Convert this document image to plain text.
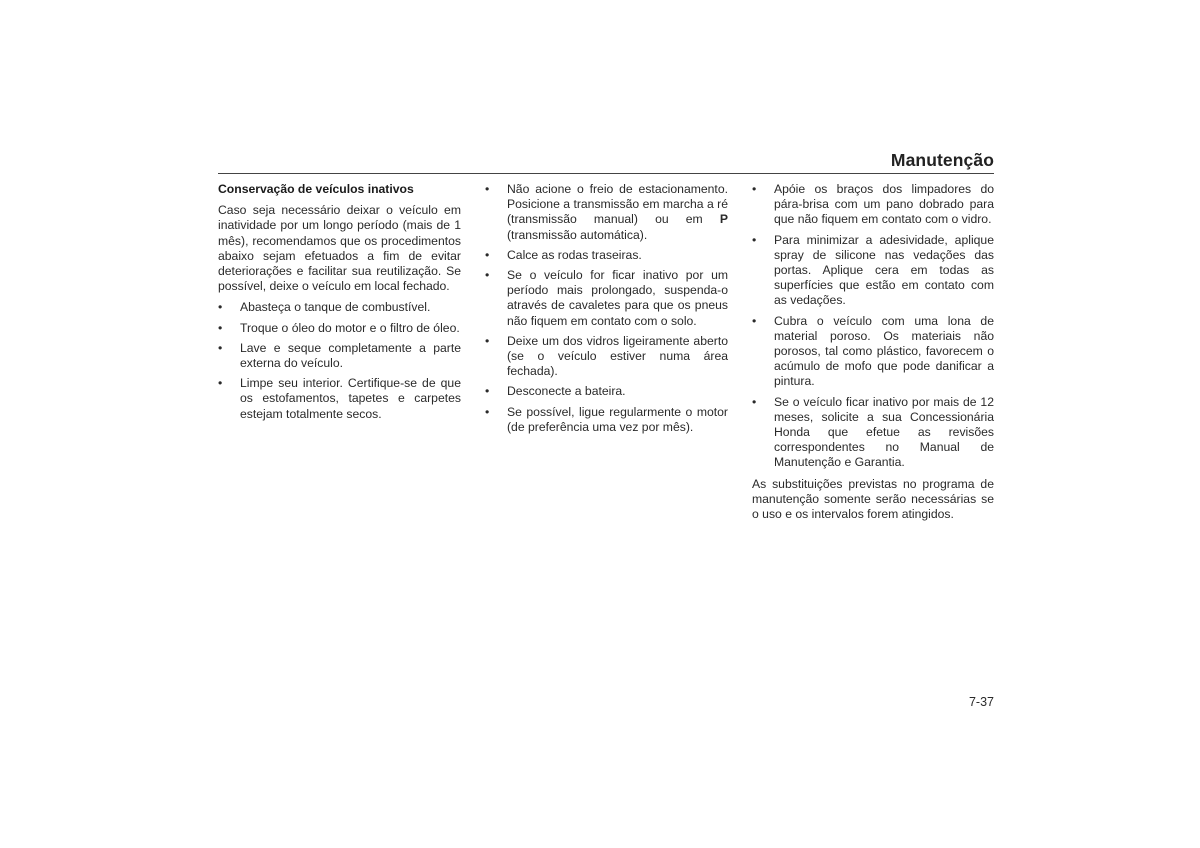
Manutenção

Conservação de veículos inativos

Caso seja necessário deixar o veículo em inatividade por um longo período (mais de 1 mês), recomendamos que os procedimentos abaixo sejam efetuados a fim de evitar deteriorações e facilitar sua reutilização. Se possível, deixe o veículo em local fechado.

•	Abasteça o tanque de combustível.
•	Troque o óleo do motor e o filtro de óleo.
•	Lave e seque completamente a parte externa do veículo.
•	Limpe seu interior. Certifique-se de que os estofamentos, tapetes e carpetes estejam totalmente secos.
•	Não acione o freio de estacionamento. Posicione a transmissão em marcha a ré (transmissão manual) ou em P (transmissão automática).
•	Calce as rodas traseiras.
•	Se o veículo for ficar inativo por um período mais prolongado, suspenda-o através de cavaletes para que os pneus não fiquem em contato com o solo.
•	Deixe um dos vidros ligeiramente aberto (se o veículo estiver numa área fechada).
•	Desconecte a bateira.
•	Se possível, ligue regularmente o motor (de preferência uma vez por mês).
•	Apóie os braços dos limpadores do pára-brisa com um pano dobrado para que não fiquem em contato com o vidro.
•	Para minimizar a adesividade, aplique spray de silicone nas vedações das portas. Aplique cera em todas as superfícies que estão em contato com as vedações.
•	Cubra o veículo com uma lona de material poroso. Os materiais não porosos, tal como plástico, favorecem o acúmulo de mofo que pode danificar a pintura.
•	Se o veículo ficar inativo por mais de 12 meses, solicite a sua Concessionária Honda que efetue as revisões correspondentes no Manual de Manutenção e Garantia.

As substituições previstas no programa de manutenção somente serão necessárias se o uso e os intervalos forem atingidos.

7-37
